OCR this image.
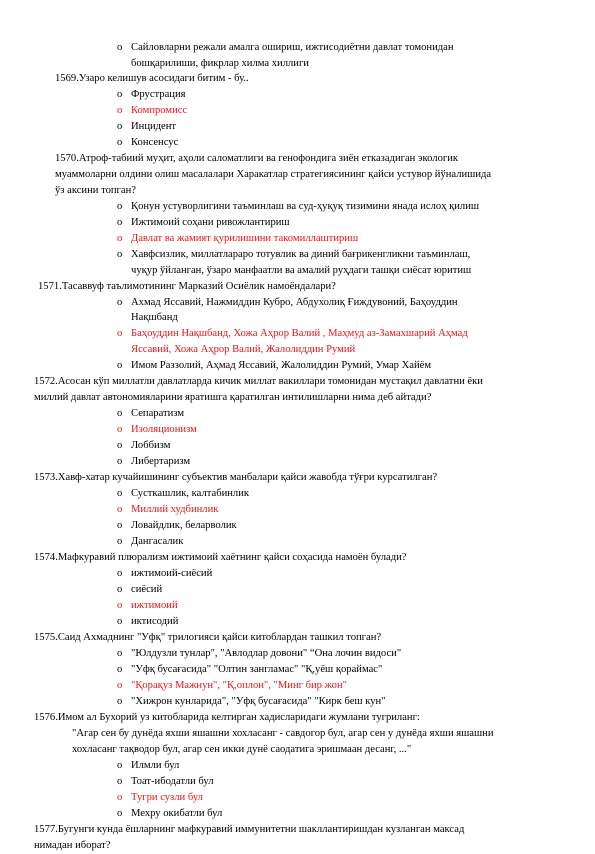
o Сайловларни режали амалга ошириш, ижтисодиётни давлат томонидан
бошқарилиши, фикрлар хилма хиллиги
1569.Узаро келишув асосидаги битим - бу..
o Фрустрация
o Компромисс
o Инцидент
o Консенсус
1570.Атроф-табиий муҳит, аҳоли саломатлиги ва генофондига зиён етказадиган экологик
муаммоларни олдини олиш масалалари Харакатлар стратегиясининг қайси устувор йўналишида
ўз аксини топган?
o Қонун устуворлигини таъминлаш ва суд-ҳуқуқ тизимини янада ислоҳ қилиш
o Ижтимоий соҳани ривожлантириш
o Давлат ва жамият қурилишини такомиллаштириш
o Хавфсизлик, миллатлараро тотувлик ва диний бағрикенгликни таъминлаш,
чуқур ўйланган, ўзаро манфаатли ва амалий руҳдаги ташқи сиёсат юритиш
1571.Тасаввуф таълимотининг Марказий Осиёлик намоёндалари?
o Ахмад Яссавий, Нажмиддин Кубро, Абдухолиқ Ғиждувоний, Баҳоуддин
Нақшбанд
o Баҳоуддин Нақшбанд, Хожа Аҳрор Валий , Маҳмуд аз-Замахшарий Аҳмад
Яссавий, Хожа Аҳрор Валий, Жалолиддин Румий
o Имом Раззолий, Аҳмад Яссавий, Жалолиддин Румий, Умар Хайём
1572.Асосан кўп миллатли давлатларда кичик миллат вакиллари томонидан мустақил давлатни ёки
миллий давлат автономияларини яратишга қаратилган интилишларни нима деб айтади?
o Сепаратизм
o Изоляционизм
o Лоббизм
o Либертаризм
1573.Хавф-хатар кучайишининг субъектив манбалари қайси жавобда тўғри курсатилган?
o Сусткашлик, калтабинлик
o Миллий худбинлик
o Ловайдлик, беларволик
o Дангасалик
1574.Мафкуравий плюрализм ижтимоий хаётнинг қайси соҳасида намоён булади?
o ижтимоий-сиёсий
o сиёсий
o ижтимоий
o иктисодий
1575.Саид Ахмаднинг "Уфқ" трилогияси қайси китоблардан ташкил топган?
o "Юлдузли тунлар", "Авлодлар довони" “Она лочин видоси"
o "Уфқ бусағасида" "Олтин занглaмас" "Қ,уёш қораймас"
o "Қорақуз Мажнун", "Қ,оплон", "Минг бир жон"
o "Хижрон кунларида", "Уфқ бусағасида" "Кирк беш кун"
1576.Имом ал Бухорий уз китобларида келтирган хадисларидаги жумлани тугриланг:
"Агар сен бу дунёда яхши яшашни хохласанг - савдогор бул, агар сен у дунёда яхши яшашни
хохласанг тақводор бул, агар сен икки дунё саодатига эришмаан десанг, ..."
o Илмли бул
o Тоат-ибодатли бул
o Тугри сузли бул
o Мехру окибатли бул
1577.Бугунги кунда ёшларнинг мафкуравий иммунитетни шакллантиришдан кузланган максад
нимадан иборат?
